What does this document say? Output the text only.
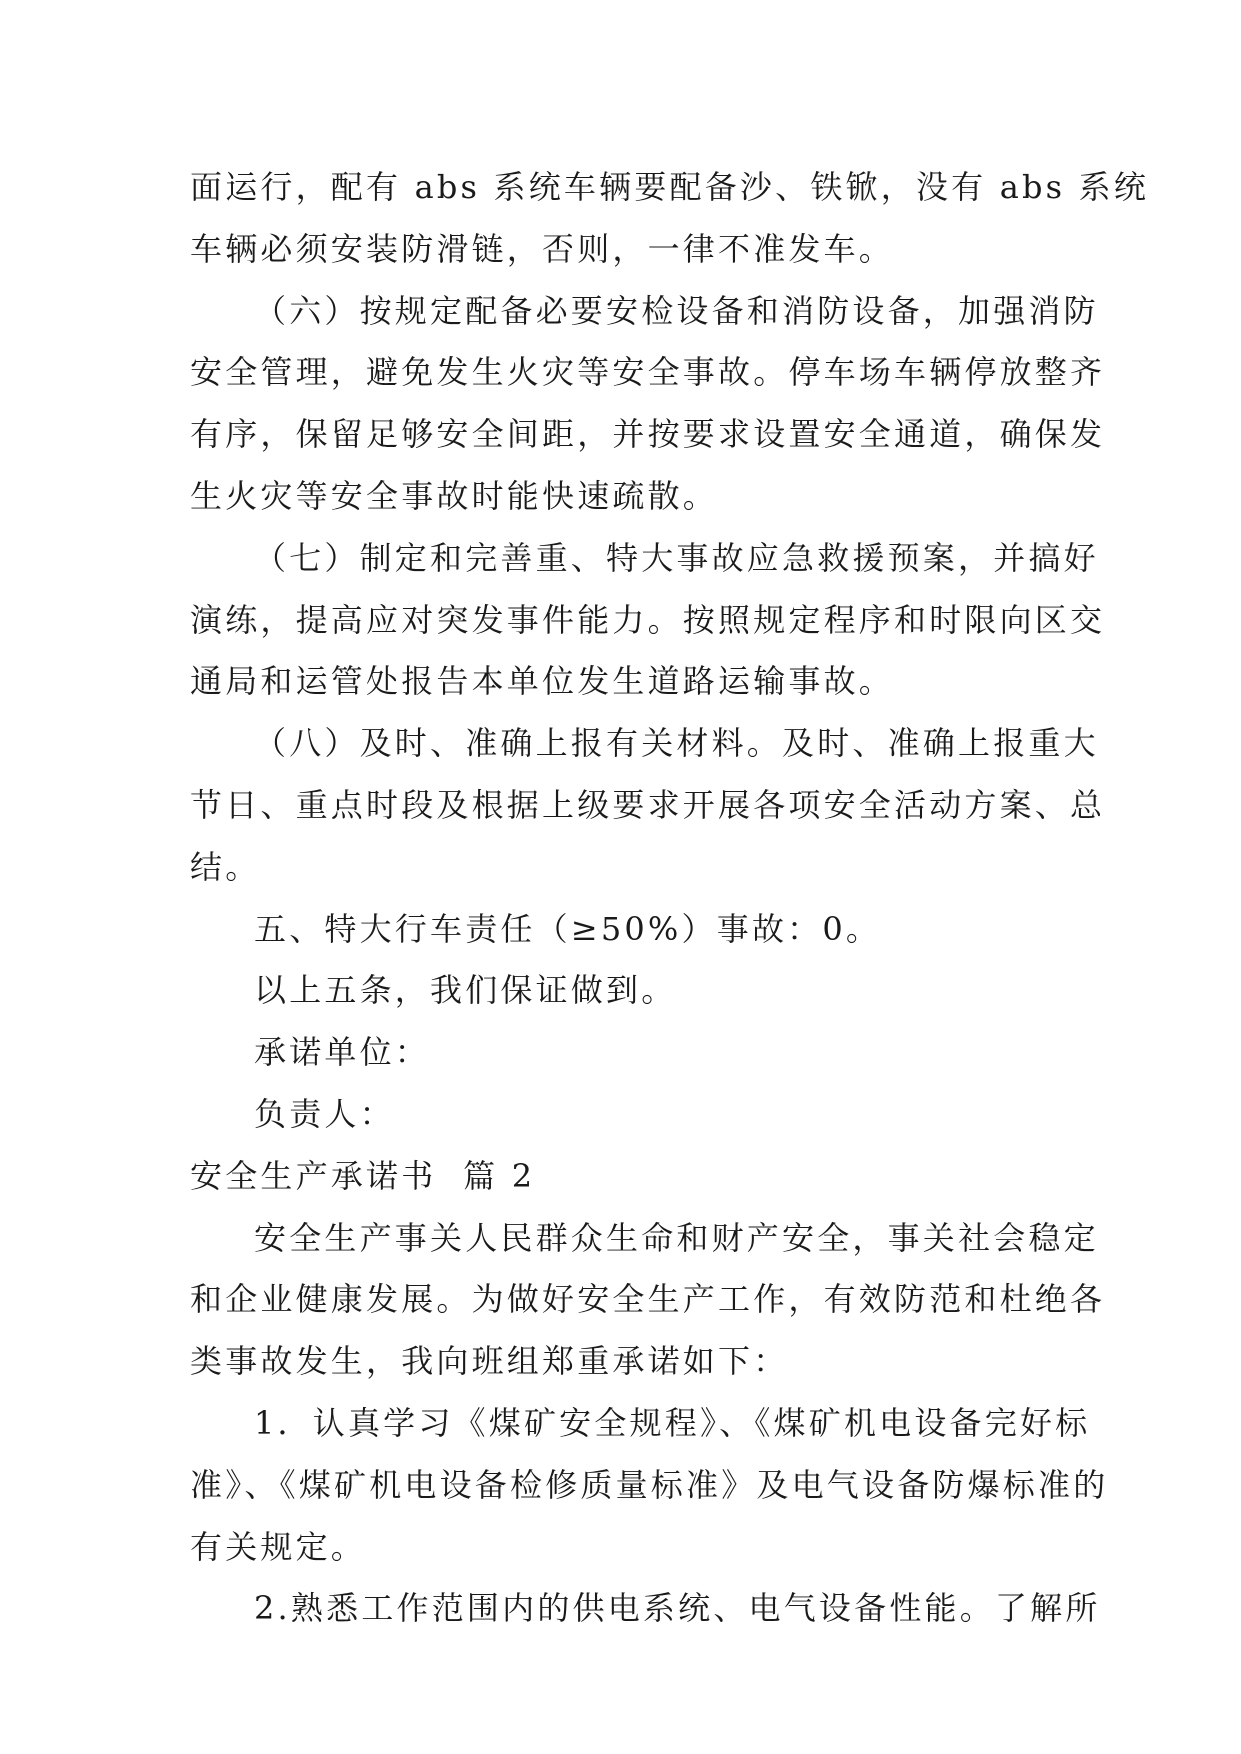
面运行，配有 abs 系统车辆要配备沙、铁锨，没有 abs 系统
车辆必须安装防滑链，否则，一律不准发车。

（六）按规定配备必要安检设备和消防设备，加强消防
安全管理，避免发生火灾等安全事故。停车场车辆停放整齐
有序，保留足够安全间距，并按要求设置安全通道，确保发
生火灾等安全事故时能快速疏散。

（七）制定和完善重、特大事故应急救援预案，并搞好
演练，提高应对突发事件能力。按照规定程序和时限向区交
通局和运管处报告本单位发生道路运输事故。

（八）及时、准确上报有关材料。及时、准确上报重大
节日、重点时段及根据上级要求开展各项安全活动方案、总
结。

五、特大行车责任（≥50%）事故：0。

以上五条，我们保证做到。

承诺单位：

负责人：

安全生产承诺书  篇 2

安全生产事关人民群众生命和财产安全，事关社会稳定
和企业健康发展。为做好安全生产工作，有效防范和杜绝各
类事故发生，我向班组郑重承诺如下：

1．认真学习《煤矿安全规程》、《煤矿机电设备完好标
准》、《煤矿机电设备检修质量标准》及电气设备防爆标准的
有关规定。

2.熟悉工作范围内的供电系统、电气设备性能。了解所
